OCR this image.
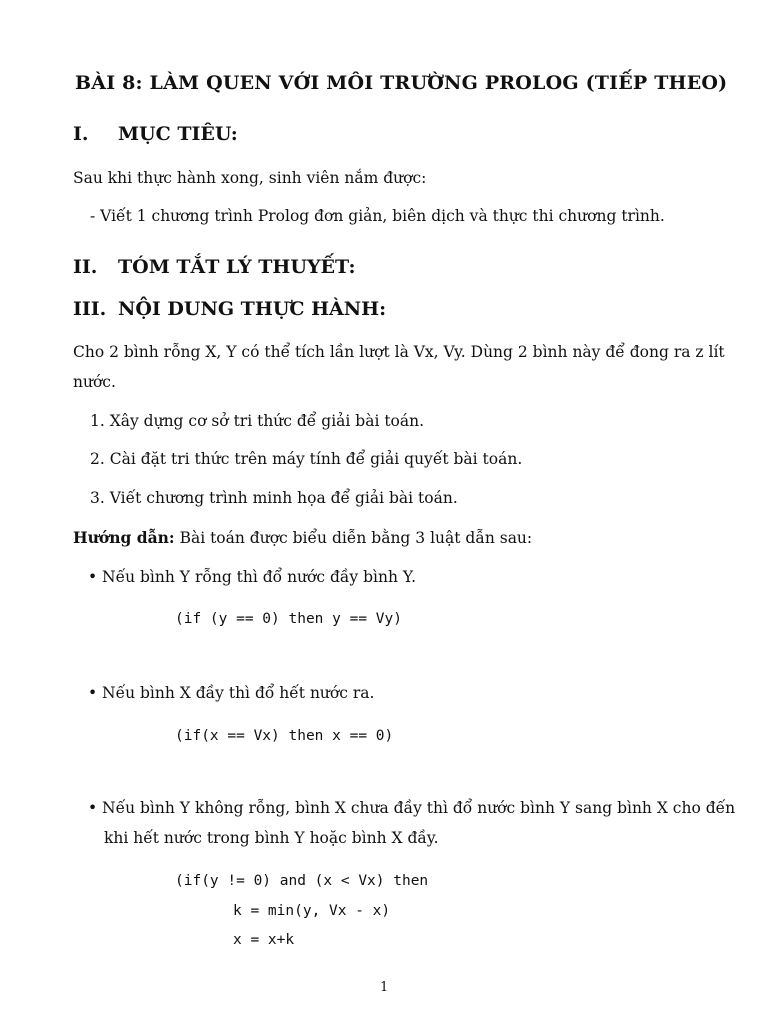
BÀI 8: LÀM QUEN VỚI MÔI TRƯỜNG PROLOG (TIẾP THEO)
I. MỤC TIÊU:
Sau khi thực hành xong, sinh viên nắm được:
- Viết 1 chương trình Prolog đơn giản, biên dịch và thực thi chương trình.
II. TÓM TẮT LÝ THUYẾT:
III. NỘI DUNG THỰC HÀNH:
Cho 2 bình rỗng X, Y có thể tích lần lượt là Vx, Vy. Dùng 2 bình này để đong ra z lít
nước.
1. Xây dựng cơ sở tri thức để giải bài toán.
2. Cài đặt tri thức trên máy tính để giải quyết bài toán.
3. Viết chương trình minh họa để giải bài toán.
Hướng dẫn: Bài toán được biểu diễn bằng 3 luật dẫn sau:
• Nếu bình Y rỗng thì đổ nước đầy bình Y.
(if (y == 0) then y == Vy)
• Nếu bình X đầy thì đổ hết nước ra.
(if(x == Vx) then x == 0)
• Nếu bình Y không rỗng, bình X chưa đầy thì đổ nước bình Y sang bình X cho đến
khi hết nước trong bình Y hoặc bình X đầy.
(if(y != 0) and (x < Vx) then
k = min(y, Vx - x)
x = x+k
1
